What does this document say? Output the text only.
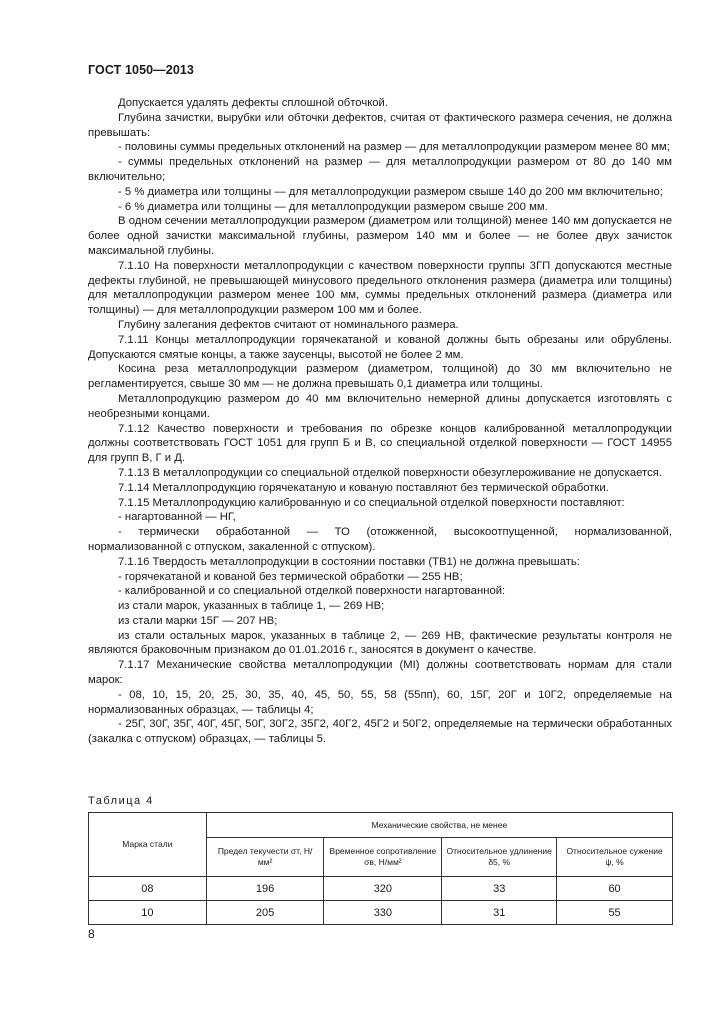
ГОСТ 1050—2013

Допускается удалять дефекты сплошной обточкой.

Глубина зачистки, вырубки или обточки дефектов, считая от фактического размера сечения, не должна превышать:

- половины суммы предельных отклонений на размер — для металлопродукции размером менее 80 мм;

- суммы предельных отклонений на размер — для металлопродукции размером от 80 до 140 мм включительно;

- 5 % диаметра или толщины — для металлопродукции размером свыше 140 до 200 мм включительно;

- 6 % диаметра или толщины — для металлопродукции размером свыше 200 мм.

В одном сечении металлопродукции размером (диаметром или толщиной) менее 140 мм допускается не более одной зачистки максимальной глубины, размером 140 мм и более — не более двух зачисток максимальной глубины.

7.1.10 На поверхности металлопродукции с качеством поверхности группы 3ГП допускаются местные дефекты глубиной, не превышающей минусового предельного отклонения размера (диаметра или толщины) для металлопродукции размером менее 100 мм, суммы предельных отклонений размера (диаметра или толщины) — для металлопродукции размером 100 мм и более.

Глубину залегания дефектов считают от номинального размера.

7.1.11 Концы металлопродукции горячекатаной и кованой должны быть обрезаны или обрублены. Допускаются смятые концы, а также заусенцы, высотой не более 2 мм.

Косина реза металлопродукции размером (диаметром, толщиной) до 30 мм включительно не регламентируется, свыше 30 мм — не должна превышать 0,1 диаметра или толщины.

Металлопродукцию размером до 40 мм включительно немерной длины допускается изготовлять с необрезными концами.

7.1.12 Качество поверхности и требования по обрезке концов калиброванной металлопродукции должны соответствовать ГОСТ 1051 для групп Б и В, со специальной отделкой поверхности — ГОСТ 14955 для групп В, Г и Д.

7.1.13 В металлопродукции со специальной отделкой поверхности обезуглероживание не допускается.

7.1.14 Металлопродукцию горячекатаную и кованую поставляют без термической обработки.

7.1.15 Металлопродукцию калиброванную и со специальной отделкой поверхности поставляют:

- нагартованной — НГ,

- термически обработанной — ТО (отожженной, высокоотпущенной, нормализованной, нормализованной с отпуском, закаленной с отпуском).

7.1.16 Твердость металлопродукции в состоянии поставки (ТВ1) не должна превышать:

- горячекатаной и кованой без термической обработки — 255 НВ;

- калиброванной и со специальной отделкой поверхности нагартованной:

из стали марок, указанных в таблице 1, — 269 НВ;

из стали марки 15Г — 207 НВ;

из стали остальных марок, указанных в таблице 2, — 269 НВ, фактические результаты контроля не являются браковочным признаком до 01.01.2016 г., заносятся в документ о качестве.

7.1.17 Механические свойства металлопродукции (МI) должны соответствовать нормам для стали марок:

- 08, 10, 15, 20, 25, 30, 35, 40, 45, 50, 55, 58 (55пп), 60, 15Г, 20Г и 10Г2, определяемые на нормализованных образцах, — таблицы 4;

- 25Г, 30Г, 35Г, 40Г, 45Г, 50Г, 30Г2, 35Г2, 40Г2, 45Г2 и 50Г2, определяемые на термически обработанных (закалка с отпуском) образцах, — таблицы 5.

Таблица 4
Марка стали	Механические свойства, не менее			
	Предел текучести σт, Н/мм²	Временное сопротивление σв, Н/мм²	Относительное удлинение δ5, %	Относительное сужение ψ, %
08	196	320	33	60
10	205	330	31	55
8
